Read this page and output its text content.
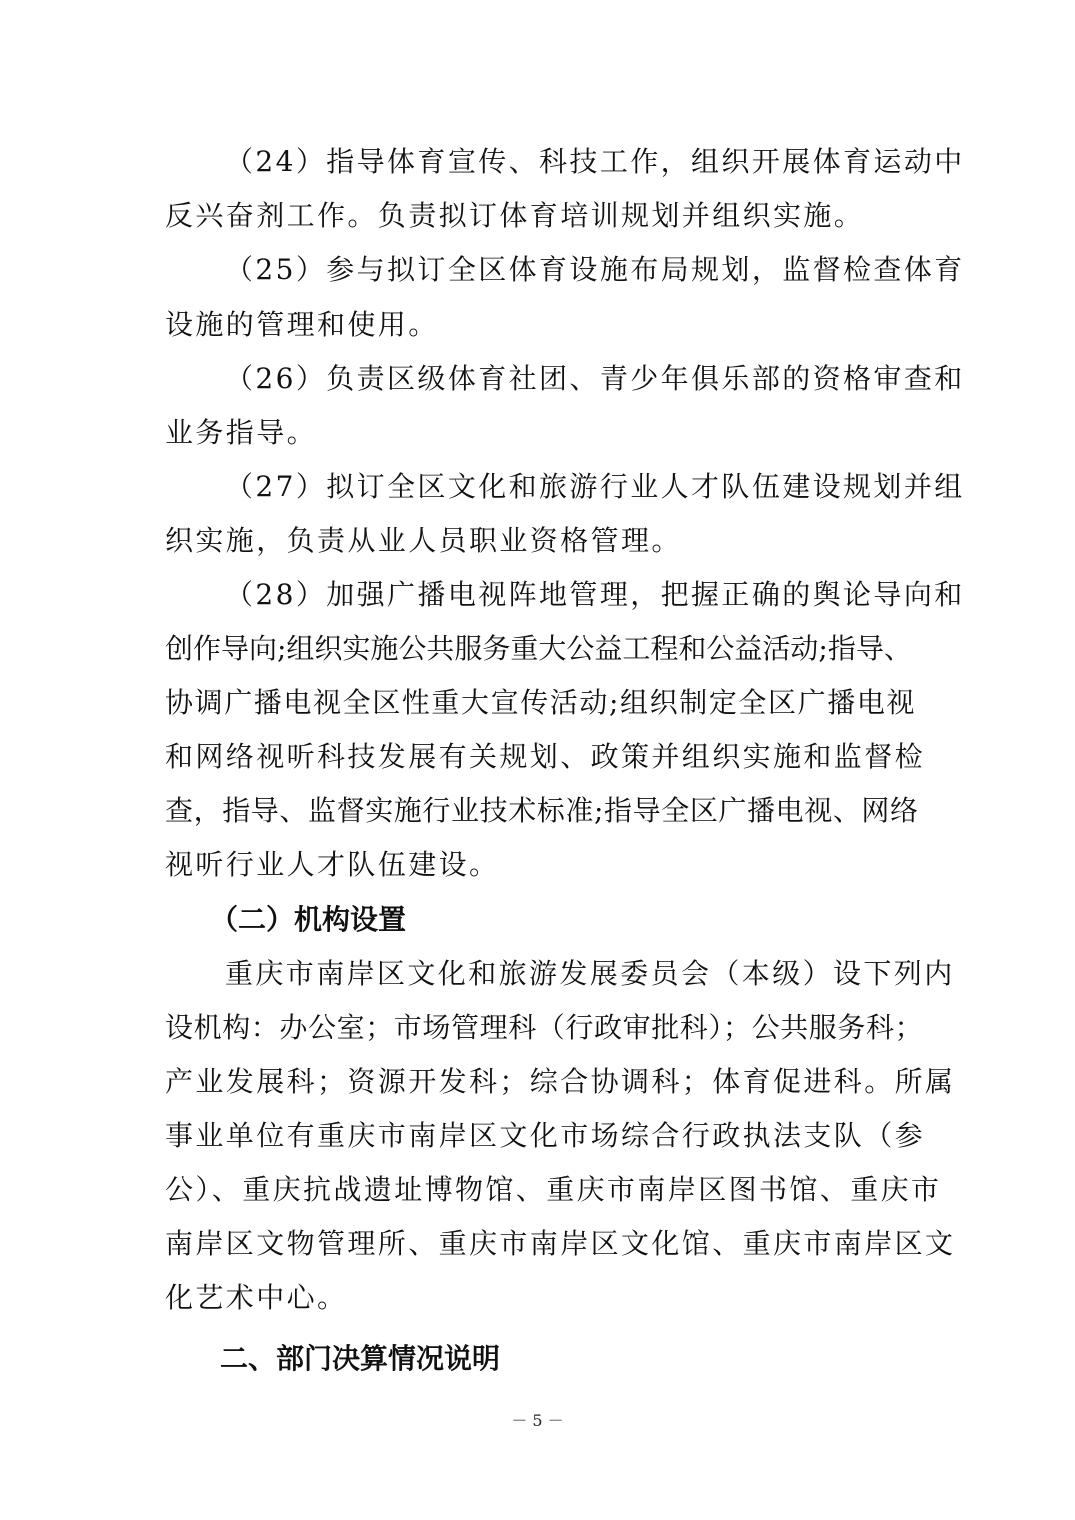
（24）指导体育宣传、科技工作，组织开展体育运动中
反兴奋剂工作。负责拟订体育培训规划并组织实施。
（25）参与拟订全区体育设施布局规划，监督检查体育
设施的管理和使用。
（26）负责区级体育社团、青少年俱乐部的资格审查和
业务指导。
（27）拟订全区文化和旅游行业人才队伍建设规划并组
织实施，负责从业人员职业资格管理。
（28）加强广播电视阵地管理，把握正确的舆论导向和
创作导向;组织实施公共服务重大公益工程和公益活动;指导、
协调广播电视全区性重大宣传活动;组织制定全区广播电视
和网络视听科技发展有关规划、政策并组织实施和监督检
查，指导、监督实施行业技术标准;指导全区广播电视、网络
视听行业人才队伍建设。
（二）机构设置
重庆市南岸区文化和旅游发展委员会（本级）设下列内
设机构：办公室；市场管理科（行政审批科）；公共服务科；
产业发展科；资源开发科；综合协调科；体育促进科。所属
事业单位有重庆市南岸区文化市场综合行政执法支队（参
公）、重庆抗战遗址博物馆、重庆市南岸区图书馆、重庆市
南岸区文物管理所、重庆市南岸区文化馆、重庆市南岸区文
化艺术中心。
二、部门决算情况说明
－ 5 －
